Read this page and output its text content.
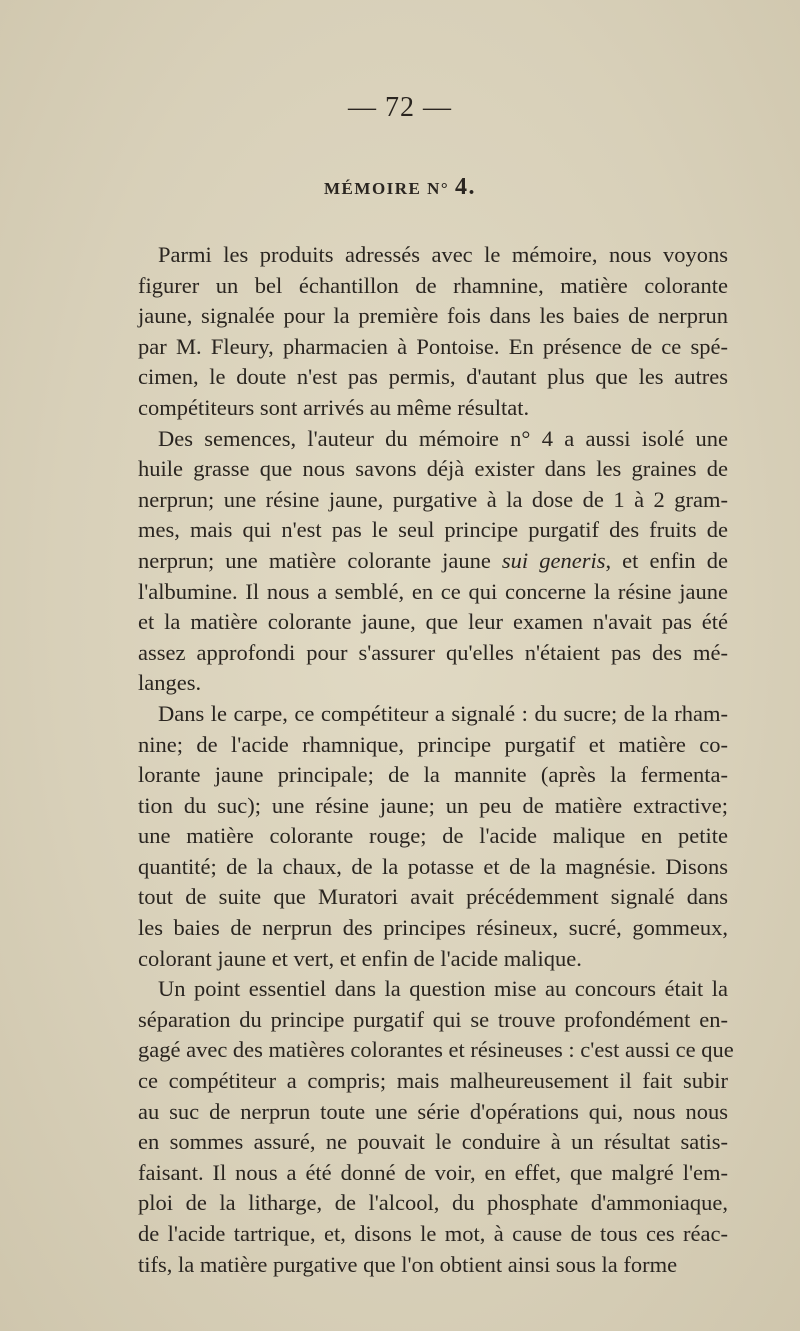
— 72 —
MÉMOIRE N° 4.

Parmi les produits adressés avec le mémoire, nous voyons
figurer un bel échantillon de rhamnine, matière colorante
jaune, signalée pour la première fois dans les baies de nerprun
par M. Fleury, pharmacien à Pontoise. En présence de ce spé-
cimen, le doute n'est pas permis, d'autant plus que les autres
compétiteurs sont arrivés au même résultat.

Des semences, l'auteur du mémoire n° 4 a aussi isolé une
huile grasse que nous savons déjà exister dans les graines de
nerprun; une résine jaune, purgative à la dose de 1 à 2 gram-
mes, mais qui n'est pas le seul principe purgatif des fruits de
nerprun; une matière colorante jaune sui generis, et enfin de
l'albumine. Il nous a semblé, en ce qui concerne la résine jaune
et la matière colorante jaune, que leur examen n'avait pas été
assez approfondi pour s'assurer qu'elles n'étaient pas des mé-
langes.

Dans le carpe, ce compétiteur a signalé : du sucre; de la rham-
nine; de l'acide rhamnique, principe purgatif et matière co-
lorante jaune principale; de la mannite (après la fermenta-
tion du suc); une résine jaune; un peu de matière extractive;
une matière colorante rouge; de l'acide malique en petite
quantité; de la chaux, de la potasse et de la magnésie. Disons
tout de suite que Muratori avait précédemment signalé dans
les baies de nerprun des principes résineux, sucré, gommeux,
colorant jaune et vert, et enfin de l'acide malique.

Un point essentiel dans la question mise au concours était la
séparation du principe purgatif qui se trouve profondément en-
gagé avec des matières colorantes et résineuses : c'est aussi ce que
ce compétiteur a compris; mais malheureusement il fait subir
au suc de nerprun toute une série d'opérations qui, nous nous
en sommes assuré, ne pouvait le conduire à un résultat satis-
faisant. Il nous a été donné de voir, en effet, que malgré l'em-
ploi de la litharge, de l'alcool, du phosphate d'ammoniaque,
de l'acide tartrique, et, disons le mot, à cause de tous ces réac-
tifs, la matière purgative que l'on obtient ainsi sous la forme
